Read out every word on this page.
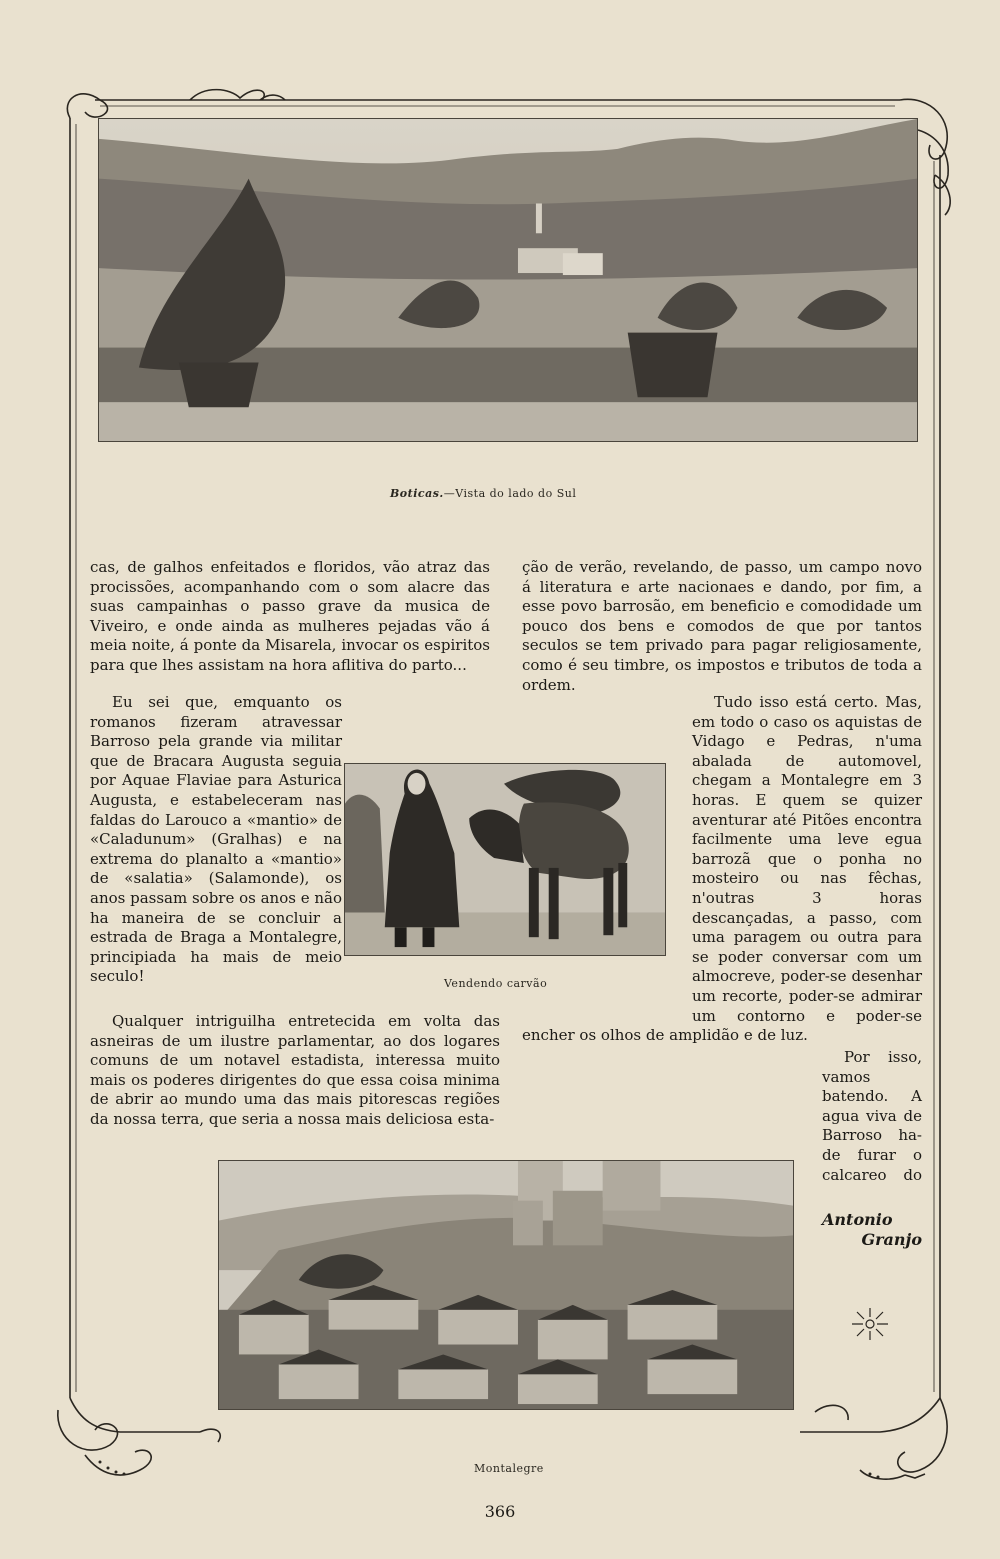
Boticas.—Vista do lado do Sul

cas, de galhos enfeitados e floridos, vão atraz das procissões, acompanhando com o som alacre das suas campainhas o passo grave da musica de Viveiro, e onde ainda as mulheres pejadas vão á meia noite, á ponte da Misarela, invocar os espiritos para que lhes assistam na hora aflitiva do parto...

ção de verão, revelando, de passo, um campo novo á literatura e arte nacionaes e dando, por fim, a esse povo barrosão, em beneficio e comodidade um pouco dos bens e comodos de que por tantos seculos se tem privado para pagar religiosamente, como é seu timbre, os impostos e tributos de toda a ordem.

Eu sei que, emquanto os romanos fizeram atravessar Barroso pela grande via militar que de Bracara Augusta seguia por Aquae Flaviae para Asturica Augusta, e estabeleceram nas faldas do Larouco a «mantio» de «Caladunum» (Gralhas) e na extrema do planalto a «mantio» de «salatia» (Salamonde), os anos passam sobre os anos e não ha maneira de se concluir a estrada de Braga a Montalegre, principiada ha mais de meio seculo!

Tudo isso está certo. Mas, em todo o caso os aquistas de Vidago e Pedras, n'uma abalada de automovel, chegam a Montalegre em 3 horas. E quem se quizer aventurar até Pitões encontra facilmente uma leve egua barrozã que o ponha no mosteiro ou nas fêchas, n'outras 3 horas descançadas, a passo, com uma paragem ou outra para se poder conversar com um almocreve, poder-se desenhar um recorte, poder-se admirar um contorno e poder-se encher os olhos de amplidão e de luz.

Vendendo carvão

Qualquer intriguilha entretecida em volta das asneiras de um ilustre parlamentar, ao dos logares comuns de um notavel estadista, interessa muito mais os poderes dirigentes do que essa coisa minima de abrir ao mundo uma das mais pitorescas regiões da nossa terra, que seria a nossa mais deliciosa esta-

Por isso, vamos batendo. A agua viva de Barroso ha-de furar o calcareo do

Antonio
Granjo
Montalegre
366
